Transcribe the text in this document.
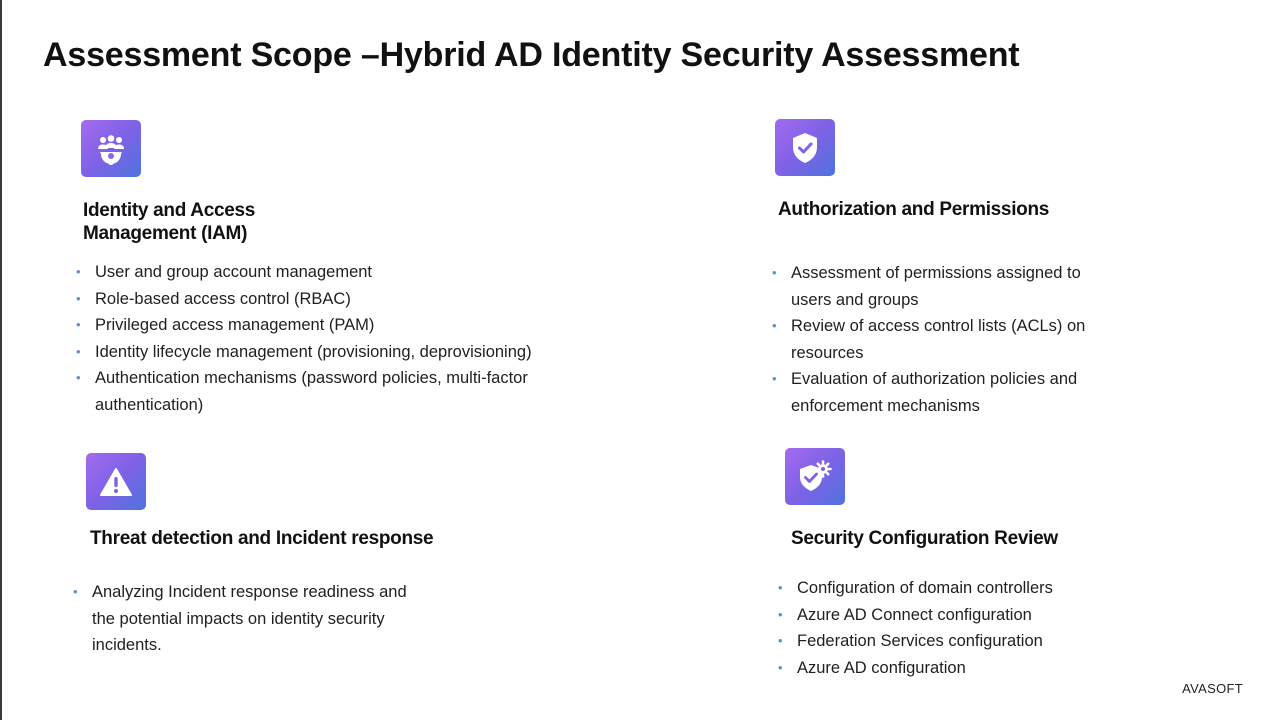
Assessment Scope –Hybrid AD Identity Security Assessment
Identity and Access Management (IAM)
• User and group account management
• Role-based access control (RBAC)
• Privileged access management (PAM)
• Identity lifecycle management (provisioning, deprovisioning)
• Authentication mechanisms (password policies, multi-factor authentication)
Authorization and Permissions
• Assessment of permissions assigned to users and groups
• Review of access control lists (ACLs) on resources
• Evaluation of authorization policies and enforcement mechanisms
Threat detection and Incident response
• Analyzing Incident response readiness and the potential impacts on identity security incidents.
Security Configuration Review
• Configuration of domain controllers
• Azure AD Connect configuration
• Federation Services configuration
• Azure AD configuration
AVASOFT
